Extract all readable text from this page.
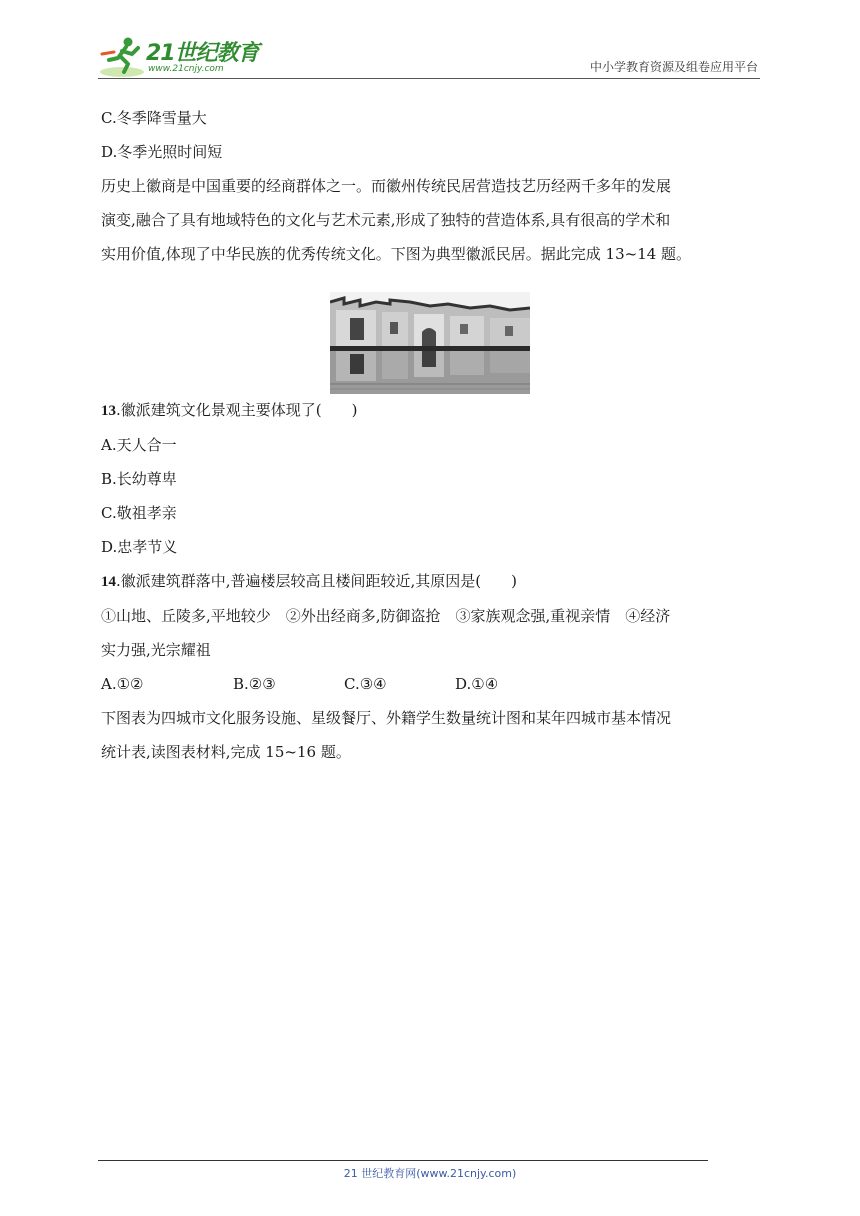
21世纪教育
www.21cnjy.com	中小学教育资源及组卷应用平台
C.冬季降雪量大
D.冬季光照时间短
历史上徽商是中国重要的经商群体之一。而徽州传统民居营造技艺历经两千多年的发展
演变,融合了具有地域特色的文化与艺术元素,形成了独特的营造体系,具有很高的学术和
实用价值,体现了中华民族的优秀传统文化。下图为典型徽派民居。据此完成 13~14 题。
13.徽派建筑文化景观主要体现了(　　)
A.天人合一
B.长幼尊卑
C.敬祖孝亲
D.忠孝节义
14.徽派建筑群落中,普遍楼层较高且楼间距较近,其原因是(　　)
①山地、丘陵多,平地较少　②外出经商多,防御盗抢　③家族观念强,重视亲情　④经济
实力强,光宗耀祖
A.①②	B.②③	C.③④	D.①④
下图表为四城市文化服务设施、星级餐厅、外籍学生数量统计图和某年四城市基本情况
统计表,读图表材料,完成 15~16 题。
21 世纪教育网(www.21cnjy.com)
